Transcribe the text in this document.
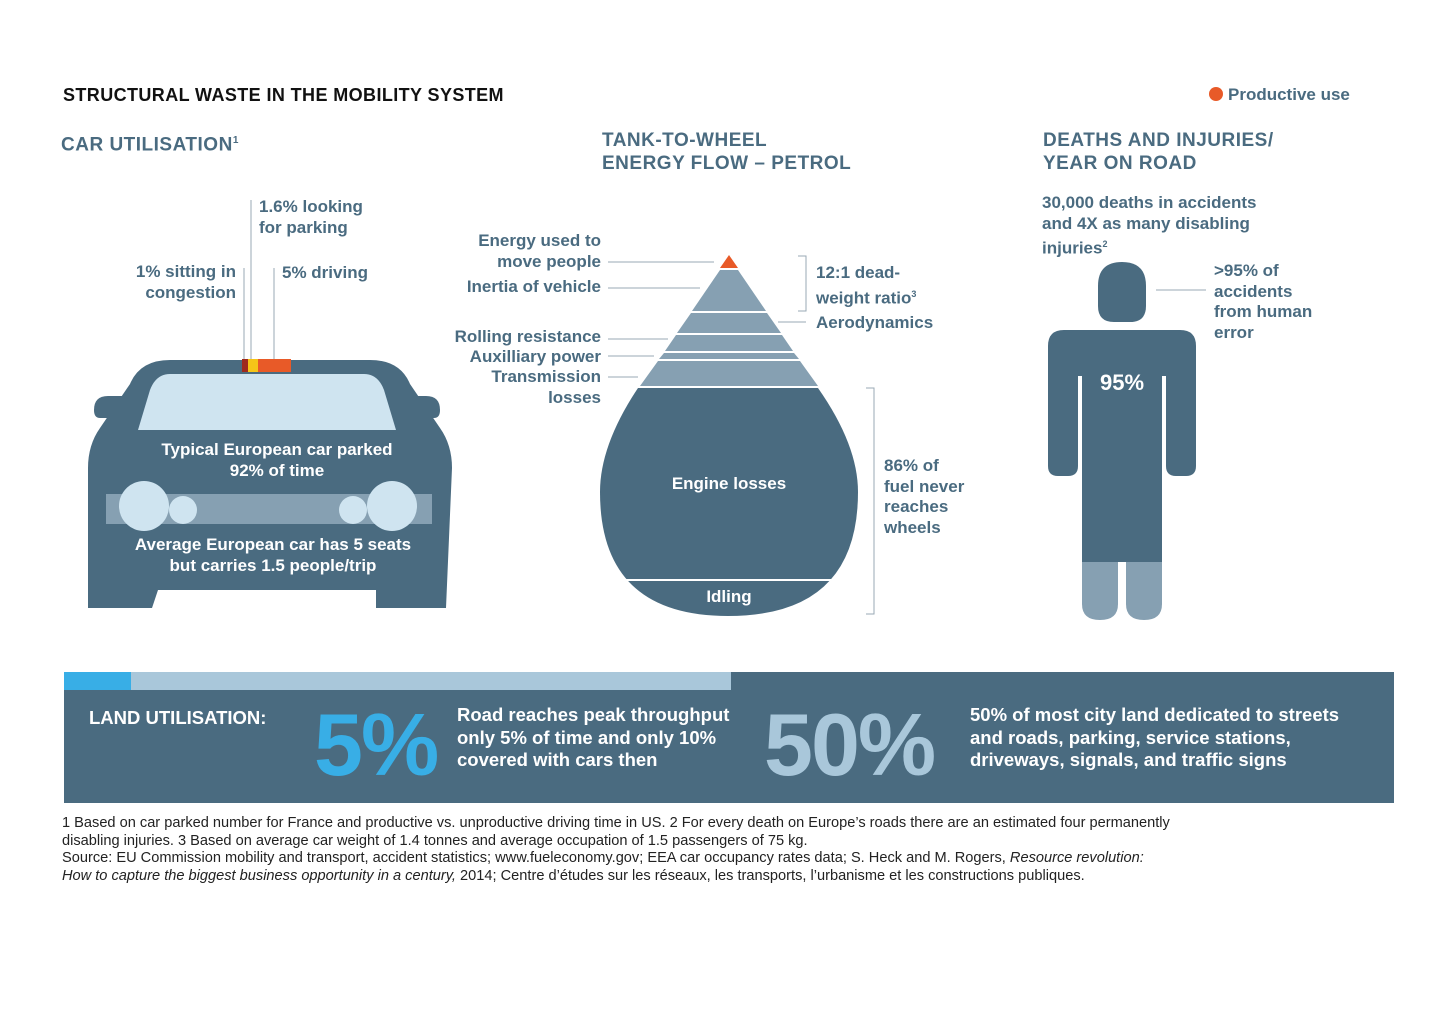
STRUCTURAL WASTE IN THE MOBILITY SYSTEM	Productive use
CAR UTILISATION$^1$
1.6% looking
for parking
1% sitting in
congestion
5% driving
Typical European car parked
92% of time
Average European car has 5 seats
but carries 1.5 people/trip
TANK-TO-WHEEL
ENERGY FLOW – PETROL
Energy used to
move people
Inertia of vehicle
Rolling resistance
Auxilliary power
Transmission
losses
12:1 dead-
weight ratio$^3$
Aerodynamics
86% of
fuel never
reaches
wheels
Engine losses
Idling
DEATHS AND INJURIES/
YEAR ON ROAD
30,000 deaths in accidents
and 4X as many disabling
injuries$^2$
>95% of
accidents
from human
error
95%
LAND UTILISATION: 5% Road reaches peak throughput
only 5% of time and only 10%
covered with cars then	50% 50% of most city land dedicated to streets
and roads, parking, service stations,
driveways, signals, and traffic signs
1 Based on car parked number for France and productive vs. unproductive driving time in US. 2 For every death on Europe’s roads there are an estimated four permanently
disabling injuries. 3 Based on average car weight of 1.4 tonnes and average occupation of 1.5 passengers of 75 kg.
Source: EU Commission mobility and transport, accident statistics; www.fueleconomy.gov; EEA car occupancy rates data; S. Heck and M. Rogers, Resource revolution:
How to capture the biggest business opportunity in a century, 2014; Centre d’études sur les réseaux, les transports, l’urbanisme et les constructions publiques.
